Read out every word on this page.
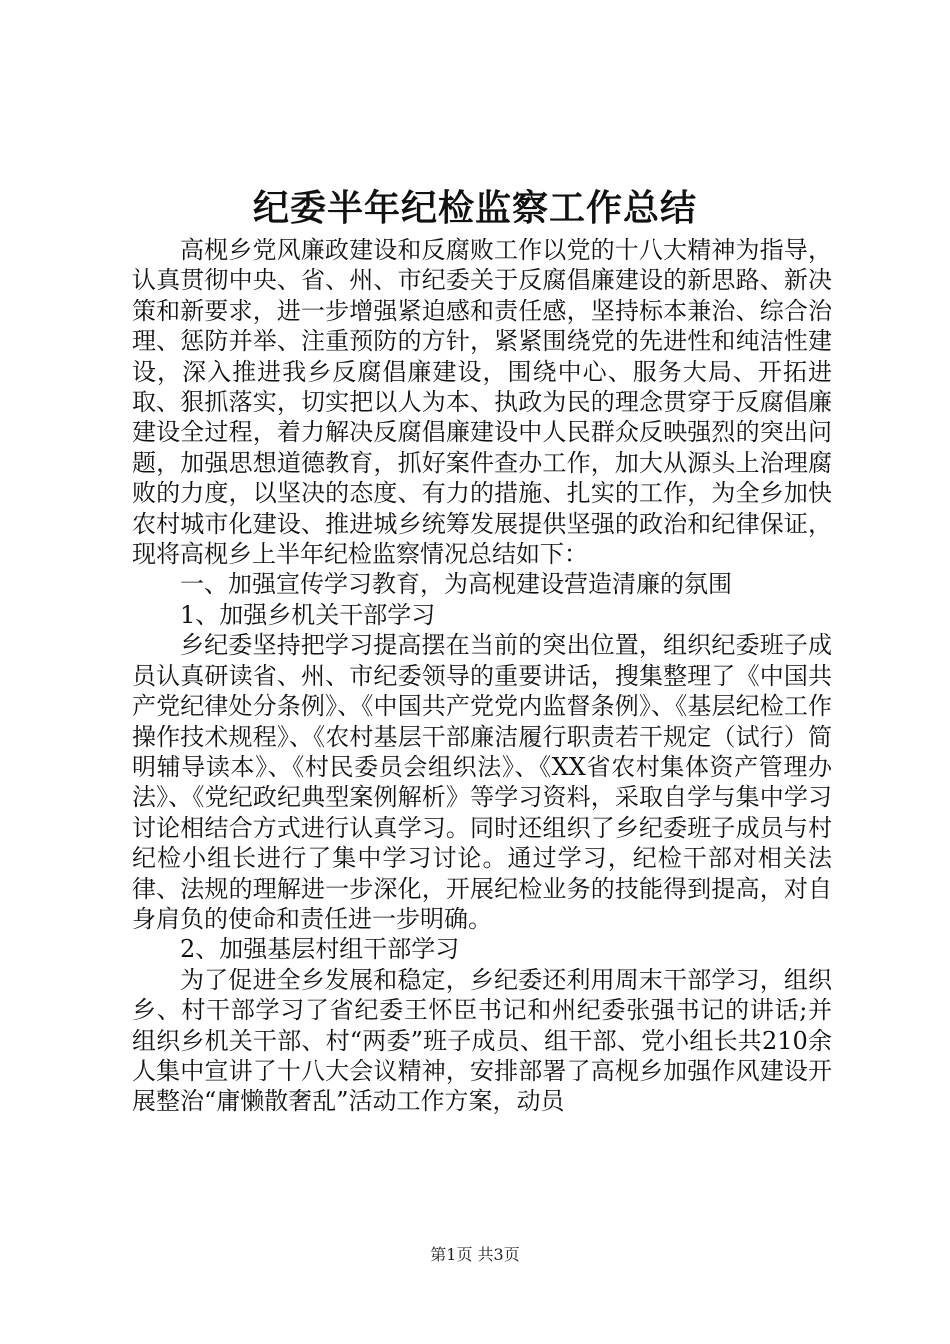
纪委半年纪检监察工作总结

高枧乡党风廉政建设和反腐败工作以党的十八大精神为指导，认真贯彻中央、省、州、市纪委关于反腐倡廉建设的新思路、新决策和新要求，进一步增强紧迫感和责任感，坚持标本兼治、综合治理、惩防并举、注重预防的方针，紧紧围绕党的先进性和纯洁性建设，深入推进我乡反腐倡廉建设，围绕中心、服务大局、开拓进取、狠抓落实，切实把以人为本、执政为民的理念贯穿于反腐倡廉建设全过程，着力解决反腐倡廉建设中人民群众反映强烈的突出问题，加强思想道德教育，抓好案件查办工作，加大从源头上治理腐败的力度，以坚决的态度、有力的措施、扎实的工作，为全乡加快农村城市化建设、推进城乡统筹发展提供坚强的政治和纪律保证，现将高枧乡上半年纪检监察情况总结如下：

一、加强宣传学习教育，为高枧建设营造清廉的氛围

1、加强乡机关干部学习

乡纪委坚持把学习提高摆在当前的突出位置，组织纪委班子成员认真研读省、州、市纪委领导的重要讲话，搜集整理了《中国共产党纪律处分条例》、《中国共产党党内监督条例》、《基层纪检工作操作技术规程》、《农村基层干部廉洁履行职责若干规定（试行）简明辅导读本》、《村民委员会组织法》、《XX省农村集体资产管理办法》、《党纪政纪典型案例解析》等学习资料，采取自学与集中学习讨论相结合方式进行认真学习。同时还组织了乡纪委班子成员与村纪检小组长进行了集中学习讨论。通过学习，纪检干部对相关法律、法规的理解进一步深化，开展纪检业务的技能得到提高，对自身肩负的使命和责任进一步明确。

2、加强基层村组干部学习

为了促进全乡发展和稳定，乡纪委还利用周末干部学习，组织乡、村干部学习了省纪委王怀臣书记和州纪委张强书记的讲话;并组织乡机关干部、村“两委”班子成员、组干部、党小组长共210余人集中宣讲了十八大会议精神，安排部署了高枧乡加强作风建设开展整治“庸懒散奢乱”活动工作方案，动员

第1页 共3页
